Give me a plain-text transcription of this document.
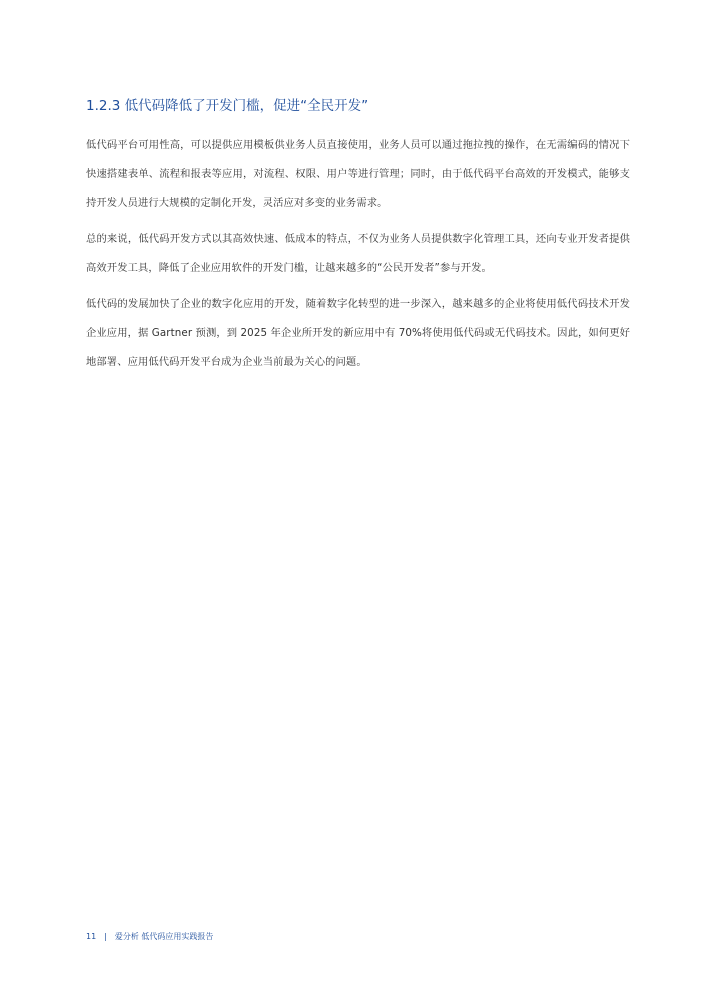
1.2.3 低代码降低了开发门槛，促进“全民开发”

低代码平台可用性高，可以提供应用模板供业务人员直接使用，业务人员可以通过拖拉拽的操作，在无需编码的情况下快速搭建表单、流程和报表等应用，对流程、权限、用户等进行管理；同时，由于低代码平台高效的开发模式，能够支持开发人员进行大规模的定制化开发，灵活应对多变的业务需求。

总的来说，低代码开发方式以其高效快速、低成本的特点，不仅为业务人员提供数字化管理工具，还向专业开发者提供高效开发工具，降低了企业应用软件的开发门槛，让越来越多的“公民开发者”参与开发。

低代码的发展加快了企业的数字化应用的开发，随着数字化转型的进一步深入，越来越多的企业将使用低代码技术开发企业应用，据 Gartner 预测，到 2025 年企业所开发的新应用中有 70%将使用低代码或无代码技术。因此，如何更好地部署、应用低代码开发平台成为企业当前最为关心的问题。

11 | 爱分析 低代码应用实践报告
